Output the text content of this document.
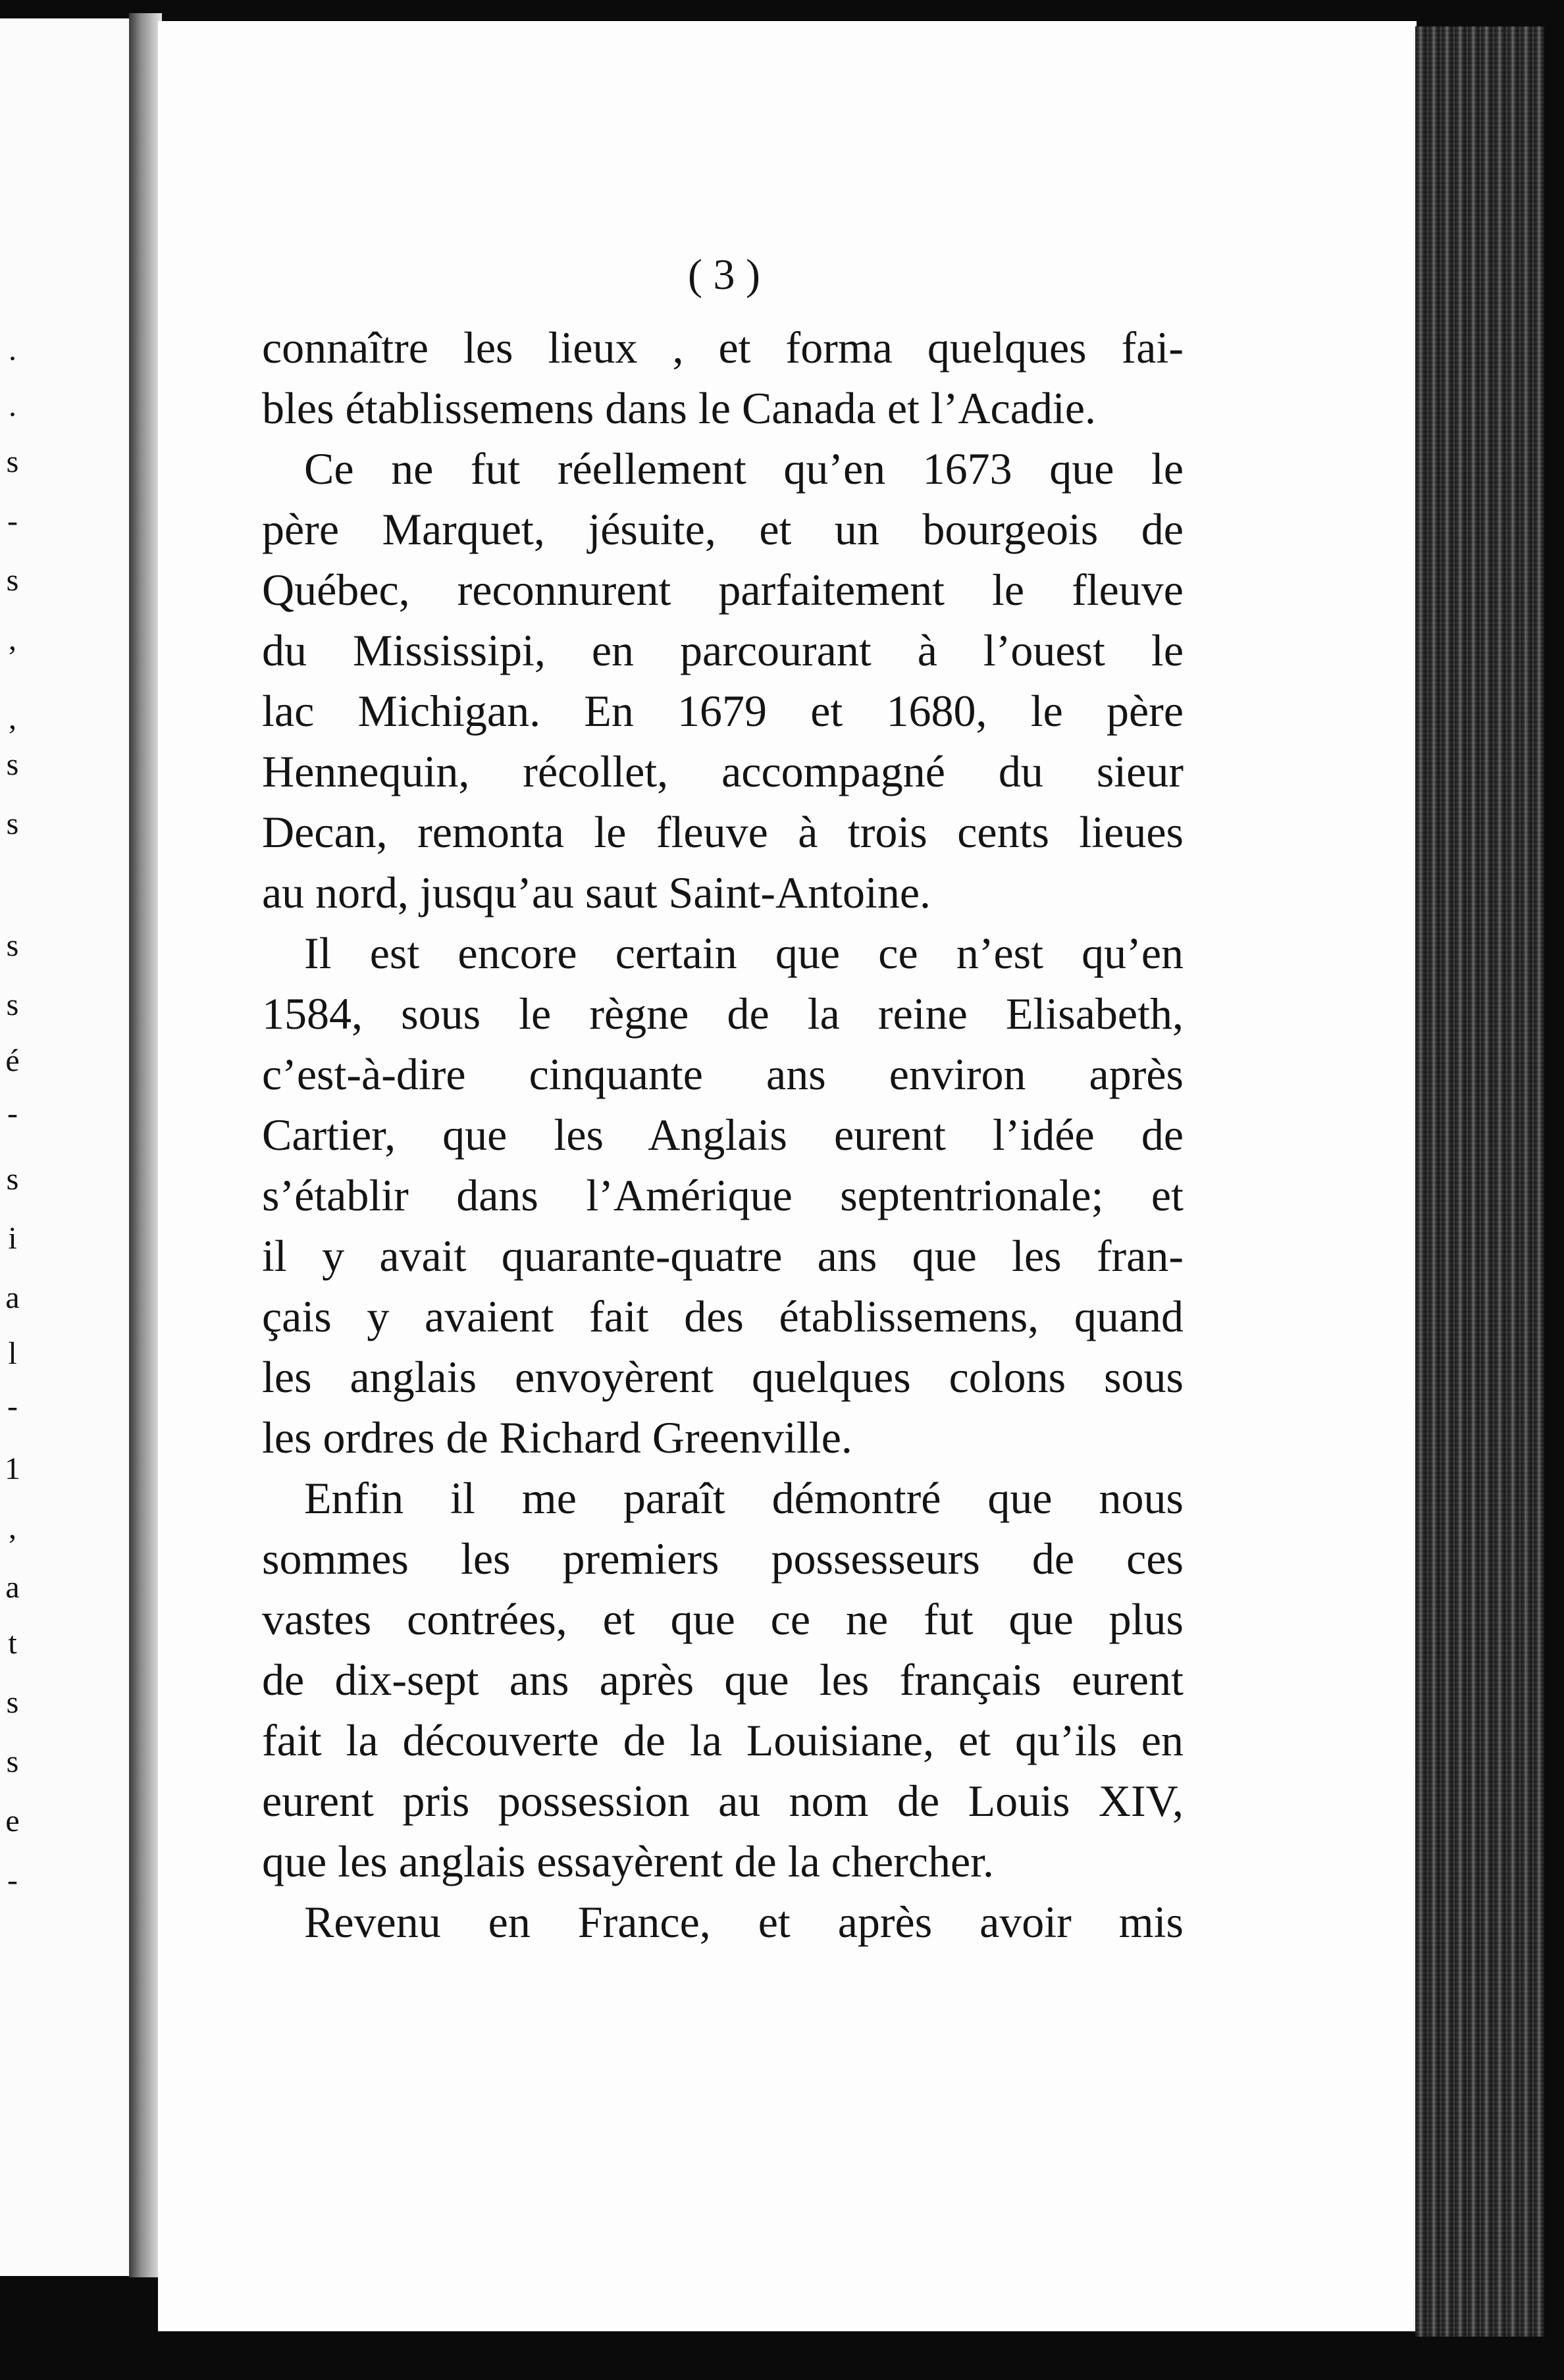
.
.
s
-
s
,
,
s
s
s
s
é
-
s
i
a
l
-
1
,
a
t
s
s
e
-
( 3 )
connaître les lieux , et forma quelques fai-
bles établissemens dans le Canada et l’Acadie.
Ce ne fut réellement qu’en 1673 que le
père Marquet, jésuite, et un bourgeois de
Québec, reconnurent parfaitement le fleuve
du Mississipi, en parcourant à l’ouest le
lac Michigan. En 1679 et 1680, le père
Hennequin, récollet, accompagné du sieur
Decan, remonta le fleuve à trois cents lieues
au nord, jusqu’au saut Saint-Antoine.
Il est encore certain que ce n’est qu’en
1584, sous le règne de la reine Elisabeth,
c’est-à-dire cinquante ans environ après
Cartier, que les Anglais eurent l’idée de
s’établir dans l’Amérique septentrionale; et
il y avait quarante-quatre ans que les fran-
çais y avaient fait des établissemens, quand
les anglais envoyèrent quelques colons sous
les ordres de Richard Greenville.
Enfin il me paraît démontré que nous
sommes les premiers possesseurs de ces
vastes contrées, et que ce ne fut que plus
de dix-sept ans après que les français eurent
fait la découverte de la Louisiane, et qu’ils en
eurent pris possession au nom de Louis XIV,
que les anglais essayèrent de la chercher.
Revenu en France, et après avoir mis
